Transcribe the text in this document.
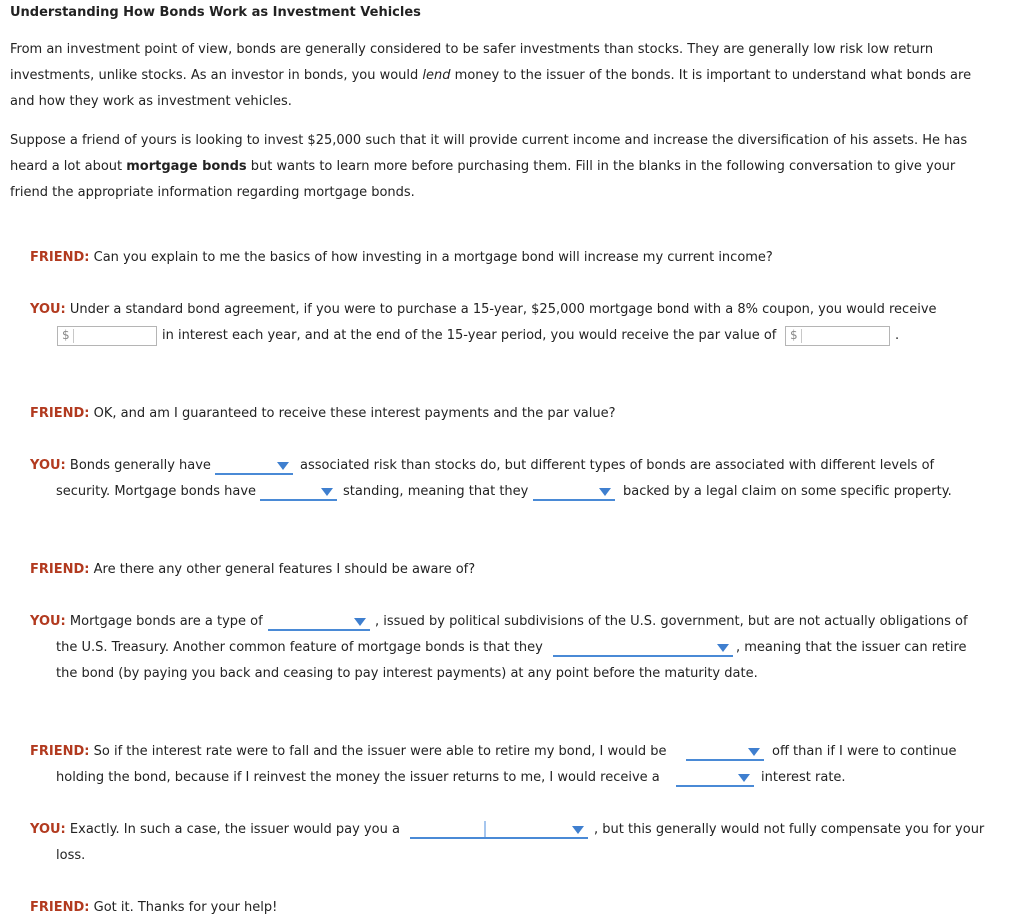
Understanding How Bonds Work as Investment Vehicles
From an investment point of view, bonds are generally considered to be safer investments than stocks. They are generally low risk low return
investments, unlike stocks. As an investor in bonds, you would lend money to the issuer of the bonds. It is important to understand what bonds are
and how they work as investment vehicles.
Suppose a friend of yours is looking to invest $25,000 such that it will provide current income and increase the diversification of his assets. He has
heard a lot about mortgage bonds but wants to learn more before purchasing them. Fill in the blanks in the following conversation to give your
friend the appropriate information regarding mortgage bonds.
FRIEND: Can you explain to me the basics of how investing in a mortgage bond will increase my current income?
YOU: Under a standard bond agreement, if you were to purchase a 15-year, $25,000 mortgage bond with a 8% coupon, you would receive
$	in interest each year, and at the end of the 15-year period, you would receive the par value of $	.
FRIEND: OK, and am I guaranteed to receive these interest payments and the par value?
YOU: Bonds generally have	associated risk than stocks do, but different types of bonds are associated with different levels of
security. Mortgage bonds have	standing, meaning that they	backed by a legal claim on some specific property.
FRIEND: Are there any other general features I should be aware of?
YOU: Mortgage bonds are a type of	, issued by political subdivisions of the U.S. government, but are not actually obligations of
the U.S. Treasury. Another common feature of mortgage bonds is that they	, meaning that the issuer can retire
the bond (by paying you back and ceasing to pay interest payments) at any point before the maturity date.
FRIEND: So if the interest rate were to fall and the issuer were able to retire my bond, I would be	off than if I were to continue
holding the bond, because if I reinvest the money the issuer returns to me, I would receive a	interest rate.
YOU: Exactly. In such a case, the issuer would pay you a	, but this generally would not fully compensate you for your
loss.
FRIEND: Got it. Thanks for your help!
